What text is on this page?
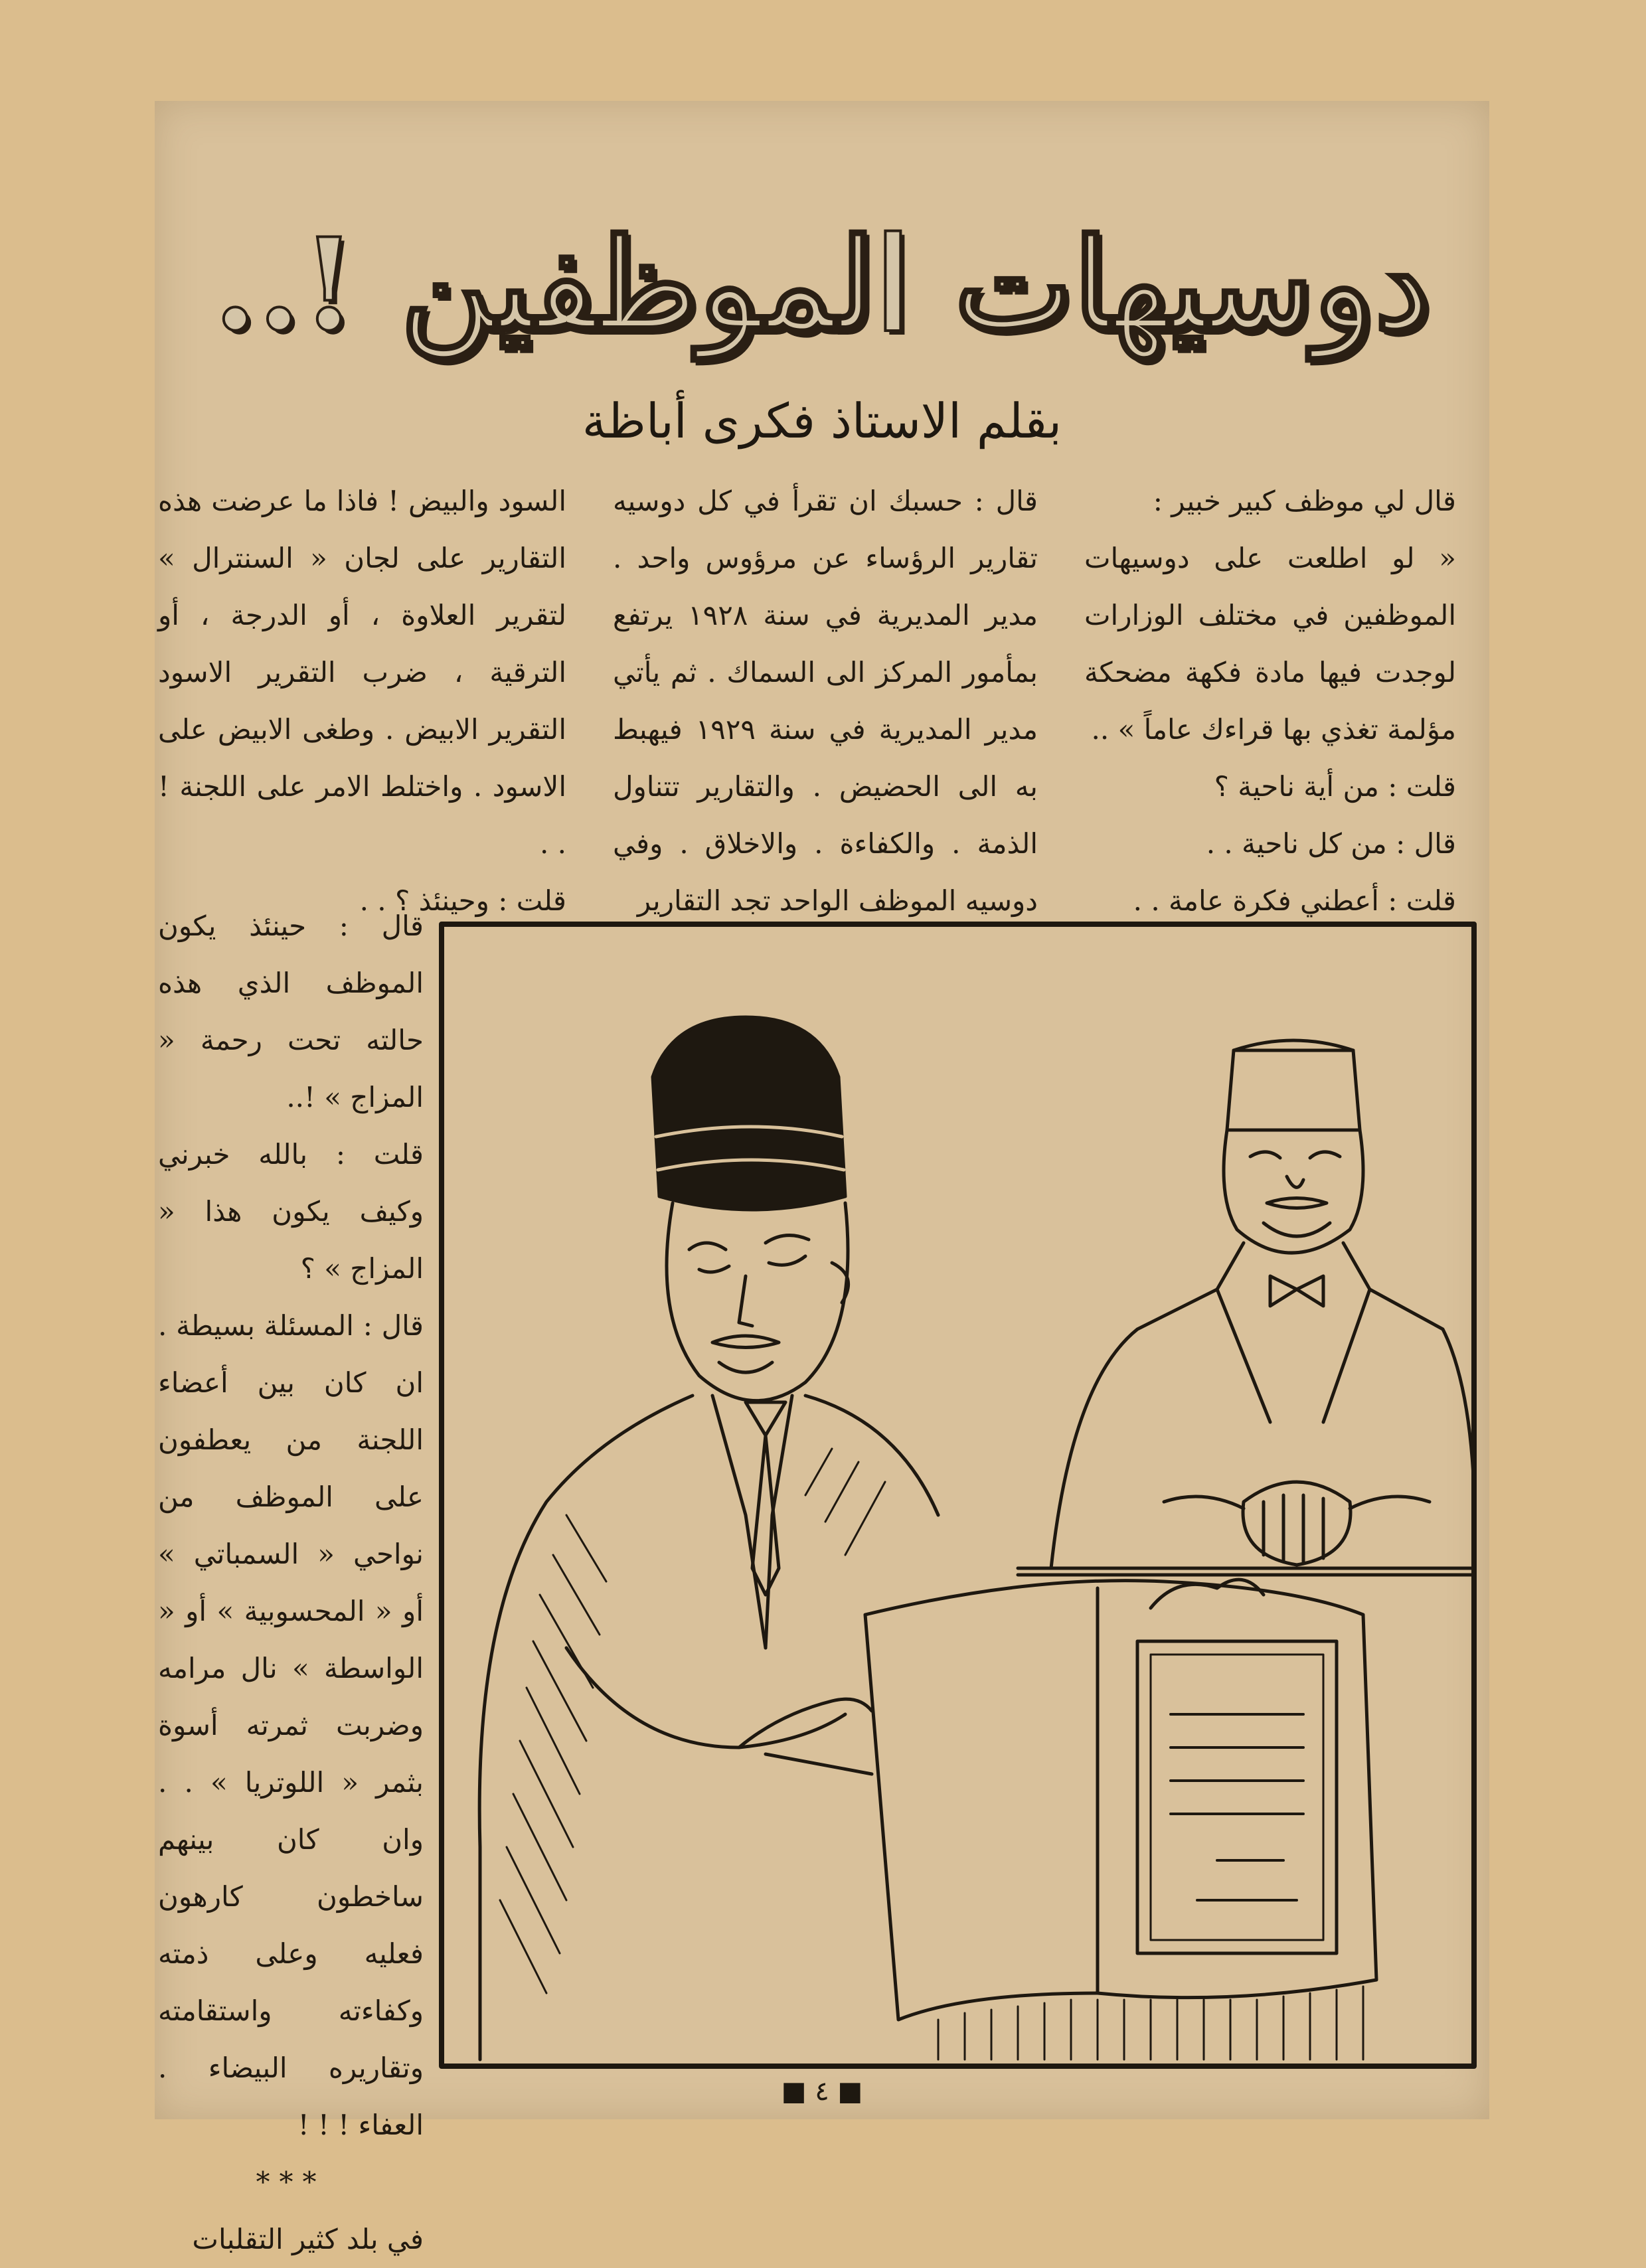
دوسيهات الموظفين !..
بقلم الاستاذ فكرى أباظة

قال لي موظف كبير خبير :

« لو اطلعت على دوسيهات الموظفين في مختلف الوزارات لوجدت فيها مادة فكهة مضحكة مؤلمة تغذي بها قراءك عاماً » ..

قلت : من أية ناحية ؟

قال : من كل ناحية . .

قلت : أعطني فكرة عامة . .

قال : حسبك ان تقرأ في كل دوسيه تقارير الرؤساء عن مرؤوس واحد . مدير المديرية في سنة ١٩٢٨ يرتفع بمأمور المركز الى السماك . ثم يأتي مدير المديرية في سنة ١٩٢٩ فيهبط به الى الحضيض . والتقارير تتناول الذمة . والكفاءة . والاخلاق . وفي دوسيه الموظف الواحد تجد التقارير

السود والبيض ! فاذا ما عرضت هذه التقارير على لجان « السنترال » لتقرير العلاوة ، أو الدرجة ، أو الترقية ، ضرب التقرير الاسود التقرير الابيض . وطغى الابيض على الاسود . واختلط الامر على اللجنة ! . .

قلت : وحينئذ ؟ . .

قال : حينئذ يكون الموظف الذي هذه حالته تحت رحمة « المزاج » !..

قلت : بالله خبرني وكيف يكون هذا « المزاج » ؟

قال : المسئلة بسيطة . ان كان بين أعضاء اللجنة من يعطفون على الموظف من نواحي « السمباتي » أو « المحسوبية » أو « الواسطة » نال مرامه وضربت ثمرته أسوة بثمر « اللوتريا » . . وان كان بينهم ساخطون كارهون فعليه وعلى ذمته وكفاءته واستقامته وتقاريره البيضاء . العفاء ! ! !

***

في بلد كثير التقلبات

■ ٤ ■
